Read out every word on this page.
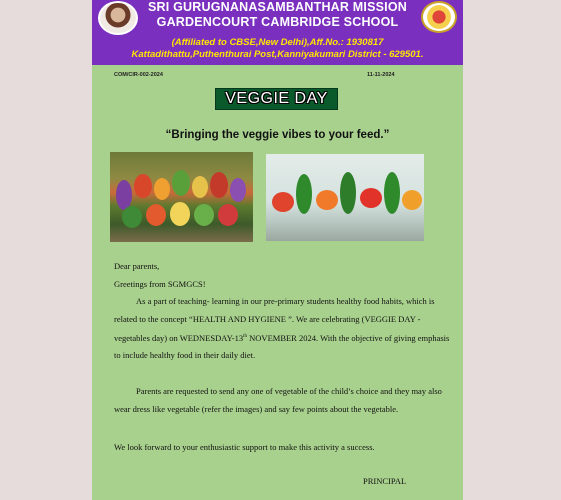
SRI GURUGNANASAMBANTHAR MISSION
GARDENCOURT CAMBRIDGE SCHOOL
(Affiliated to CBSE,New Delhi),Aff.No.: 1930817
Kattadithattu,Puthenthurai Post,Kanniyakumari District - 629501.
COM/CIR-002-2024	11-11-2024
VEGGIE DAY
“Bringing the veggie vibes to your feed.”
Dear parents,
Greetings from SGMGCS!
As a part of teaching- learning in our pre-primary students healthy food habits, which is related to the concept “HEALTH AND HYGIENE ”. We are celebrating (VEGGIE DAY -vegetables day) on WEDNESDAY-13th NOVEMBER 2024. With the objective of giving emphasis to include healthy food in their daily diet.
Parents are requested to send any one of vegetable of the child’s choice and they may also wear dress like vegetable (refer the images) and say few points about the vegetable.
We look forward to your enthusiastic support to make this activity a success.
PRINCIPAL
